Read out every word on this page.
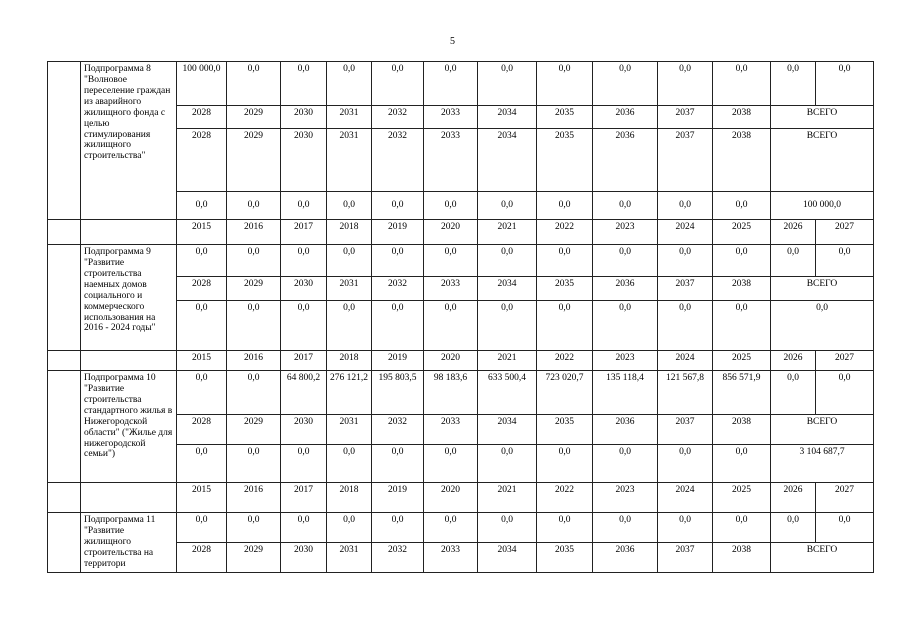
5
	Подпрограмма 8 "Волновое переселение граждан из аварийного жилищного фонда с целью стимулирования жилищного строительства"	100 000,0	0,0	0,0	0,0	0,0	0,0	0,0	0,0	0,0	0,0	0,0	0,0	0,0
		2028	2029	2030	2031	2032	2033	2034	2035	2036	2037	2038	ВСЕГО	
		2028	2029	2030	2031	2032	2033	2034	2035	2036	2037	2038	ВСЕГО	
		0,0	0,0	0,0	0,0	0,0	0,0	0,0	0,0	0,0	0,0	0,0	100 000,0	
		2015	2016	2017	2018	2019	2020	2021	2022	2023	2024	2025	2026	2027
	Подпрограмма 9 "Развитие строительства наемных домов социального и коммерческого использования на 2016 - 2024 годы"	0,0	0,0	0,0	0,0	0,0	0,0	0,0	0,0	0,0	0,0	0,0	0,0	0,0
		2028	2029	2030	2031	2032	2033	2034	2035	2036	2037	2038	ВСЕГО	
		0,0	0,0	0,0	0,0	0,0	0,0	0,0	0,0	0,0	0,0	0,0	0,0	
		2015	2016	2017	2018	2019	2020	2021	2022	2023	2024	2025	2026	2027
	Подпрограмма 10 "Развитие строительства стандартного жилья в Нижегородской области" ("Жилье для нижегородской семьи")	0,0	0,0	64 800,2	276 121,2	195 803,5	98 183,6	633 500,4	723 020,7	135 118,4	121 567,8	856 571,9	0,0	0,0
		2028	2029	2030	2031	2032	2033	2034	2035	2036	2037	2038	ВСЕГО	
		0,0	0,0	0,0	0,0	0,0	0,0	0,0	0,0	0,0	0,0	0,0	3 104 687,7	
		2015	2016	2017	2018	2019	2020	2021	2022	2023	2024	2025	2026	2027
	Подпрограмма 11 "Развитие жилищного строительства на территори	0,0	0,0	0,0	0,0	0,0	0,0	0,0	0,0	0,0	0,0	0,0	0,0	0,0
		2028	2029	2030	2031	2032	2033	2034	2035	2036	2037	2038	ВСЕГО	
